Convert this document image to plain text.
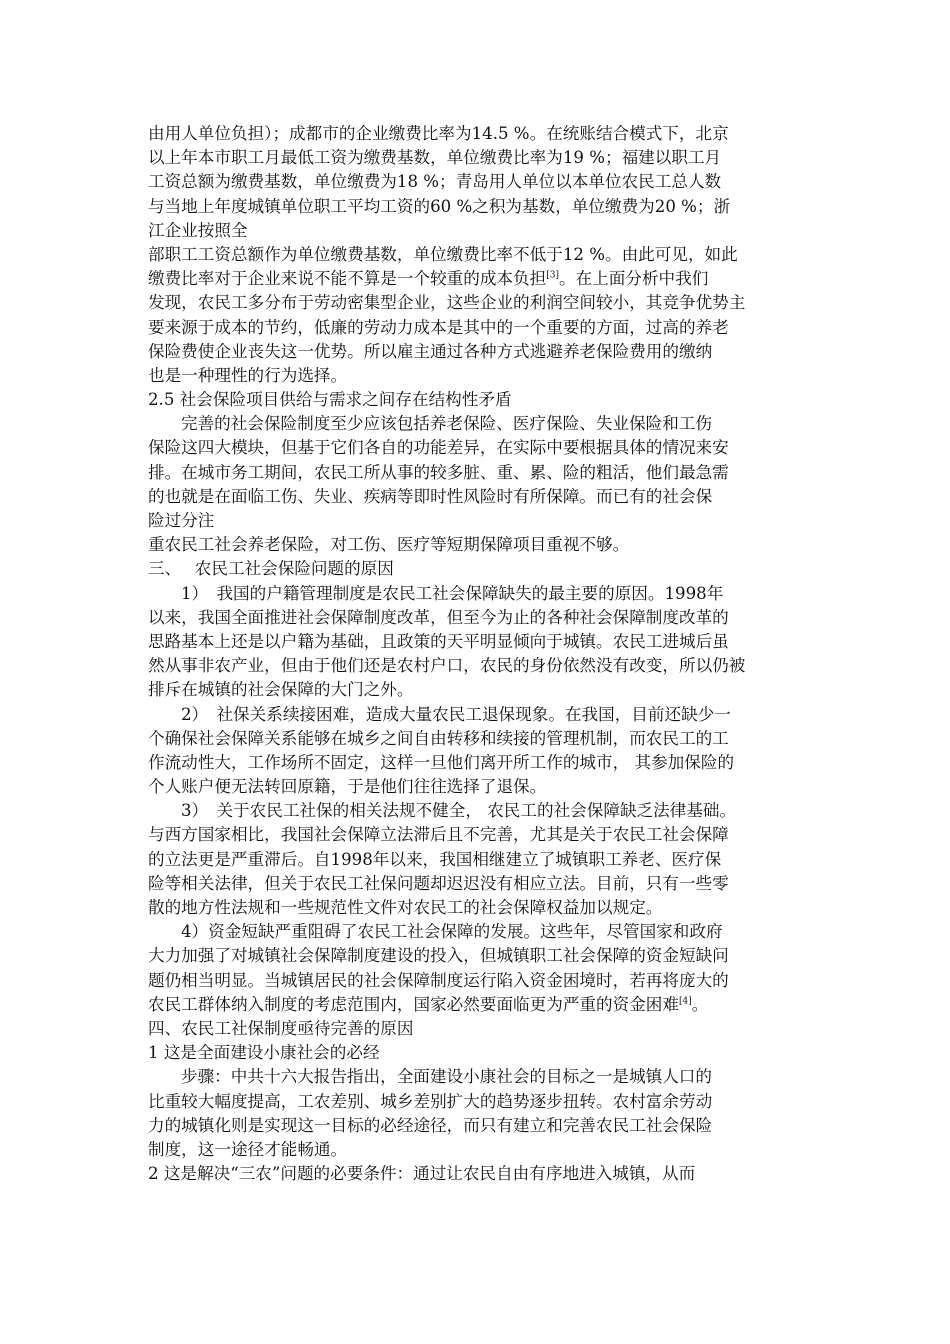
由用人单位负担）；成都市的企业缴费比率为14.5 %。在统账结合模式下，北京
以上年本市职工月最低工资为缴费基数，单位缴费比率为19 %；福建以职工月
工资总额为缴费基数，单位缴费为18 %；青岛用人单位以本单位农民工总人数
与当地上年度城镇单位职工平均工资的60 %之积为基数，单位缴费为20 %；浙
江企业按照全
部职工工资总额作为单位缴费基数，单位缴费比率不低于12 %。由此可见，如此
缴费比率对于企业来说不能不算是一个较重的成本负担[3]。在上面分析中我们
发现，农民工多分布于劳动密集型企业，这些企业的利润空间较小，其竞争优势主
要来源于成本的节约，低廉的劳动力成本是其中的一个重要的方面，过高的养老
保险费使企业丧失这一优势。所以雇主通过各种方式逃避养老保险费用的缴纳
也是一种理性的行为选择。
2.5 社会保险项目供给与需求之间存在结构性矛盾
完善的社会保险制度至少应该包括养老保险、医疗保险、失业保险和工伤
保险这四大模块，但基于它们各自的功能差异，在实际中要根据具体的情况来安
排。在城市务工期间，农民工所从事的较多脏、重、累、险的粗活，他们最急需
的也就是在面临工伤、失业、疾病等即时性风险时有所保障。而已有的社会保
险过分注
重农民工社会养老保险，对工伤、医疗等短期保障项目重视不够。
三、　 农民工社会保险问题的原因
1）　我国的户籍管理制度是农民工社会保障缺失的最主要的原因。1998年
以来，我国全面推进社会保障制度改革，但至今为止的各种社会保障制度改革的
思路基本上还是以户籍为基础，且政策的天平明显倾向于城镇。农民工进城后虽
然从事非农产业，但由于他们还是农村户口，农民的身份依然没有改变，所以仍被
排斥在城镇的社会保障的大门之外。
2）　社保关系续接困难，造成大量农民工退保现象。在我国，目前还缺少一
个确保社会保障关系能够在城乡之间自由转移和续接的管理机制，而农民工的工
作流动性大，工作场所不固定，这样一旦他们离开所工作的城市， 其参加保险的
个人账户便无法转回原籍，于是他们往往选择了退保。
3）　关于农民工社保的相关法规不健全， 农民工的社会保障缺乏法律基础。
与西方国家相比，我国社会保障立法滞后且不完善，尤其是关于农民工社会保障
的立法更是严重滞后。自1998年以来，我国相继建立了城镇职工养老、医疗保
险等相关法律，但关于农民工社保问题却迟迟没有相应立法。目前，只有一些零
散的地方性法规和一些规范性文件对农民工的社会保障权益加以规定。
4）资金短缺严重阻碍了农民工社会保障的发展。这些年，尽管国家和政府
大力加强了对城镇社会保障制度建设的投入，但城镇职工社会保障的资金短缺问
题仍相当明显。当城镇居民的社会保障制度运行陷入资金困境时，若再将庞大的
农民工群体纳入制度的考虑范围内，国家必然要面临更为严重的资金困难[4]。
四、农民工社保制度亟待完善的原因
1 这是全面建设小康社会的必经
步骤：中共十六大报告指出，全面建设小康社会的目标之一是城镇人口的
比重较大幅度提高，工农差别、城乡差别扩大的趋势逐步扭转。农村富余劳动
力的城镇化则是实现这一目标的必经途径，而只有建立和完善农民工社会保险
制度，这一途径才能畅通。
2 这是解决“三农”问题的必要条件：通过让农民自由有序地进入城镇，从而
